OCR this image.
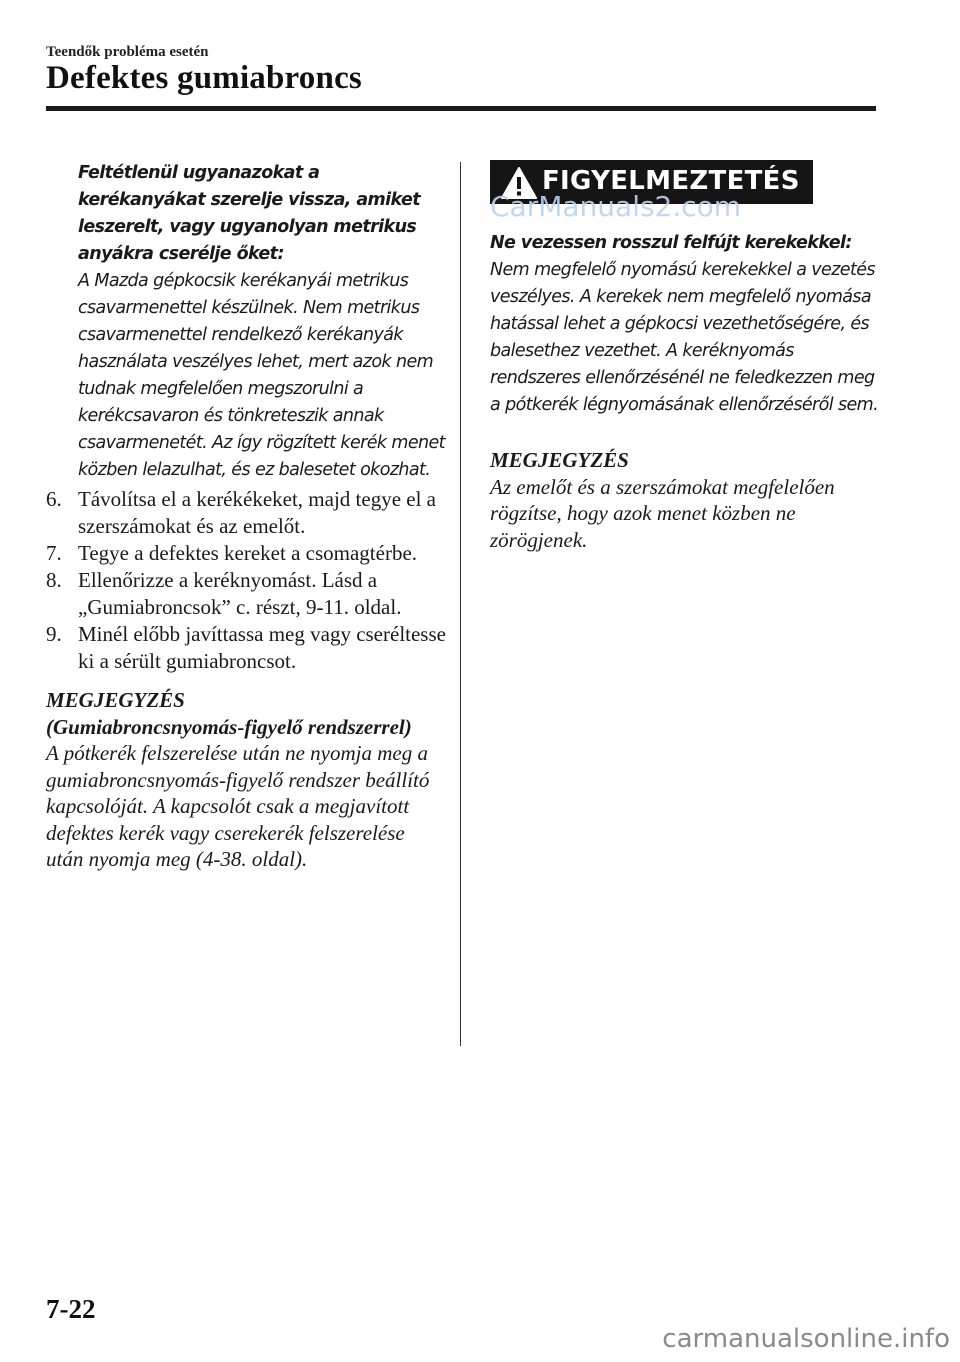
Teendők probléma esetén
Defektes gumiabroncs
Feltétlenül ugyanazokat a kerékanyákat szerelje vissza, amiket leszerelt, vagy ugyanolyan metrikus anyákra cserélje őket:
A Mazda gépkocsik kerékanyái metrikus csavarmenettel készülnek. Nem metrikus csavarmenettel rendelkező kerékanyák használata veszélyes lehet, mert azok nem tudnak megfelelően megszorulni a kerékcsavaron és tönkreteszik annak csavarmenetét. Az így rögzített kerék menet közben lelazulhat, és ez balesetet okozhat.
6. Távolítsa el a kerékékeket, majd tegye el a szerszámokat és az emelőt.
7. Tegye a defektes kereket a csomagtérbe.
8. Ellenőrizze a keréknyomást. Lásd a „Gumiabroncsok” c. részt, 9-11. oldal.
9. Minél előbb javíttassa meg vagy cseréltesse ki a sérült gumiabroncsot.
MEGJEGYZÉS
(Gumiabroncsnyomás-figyelő rendszerrel)
A pótkerék felszerelése után ne nyomja meg a gumiabroncsnyomás-figyelő rendszer beállító kapcsolóját. A kapcsolót csak a megjavított defektes kerék vagy cserekerék felszerelése után nyomja meg (4-38. oldal).
FIGYELMEZTETÉS
CarManuals2.com
Ne vezessen rosszul felfújt kerekekkel:
Nem megfelelő nyomású kerekekkel a vezetés veszélyes. A kerekek nem megfelelő nyomása hatással lehet a gépkocsi vezethetőségére, és balesethez vezethet. A keréknyomás rendszeres ellenőrzésénél ne feledkezzen meg a pótkerék légnyomásának ellenőrzéséről sem.
MEGJEGYZÉS
Az emelőt és a szerszámokat megfelelően rögzítse, hogy azok menet közben ne zörögjenek.
7-22
carmanualsonline.info
